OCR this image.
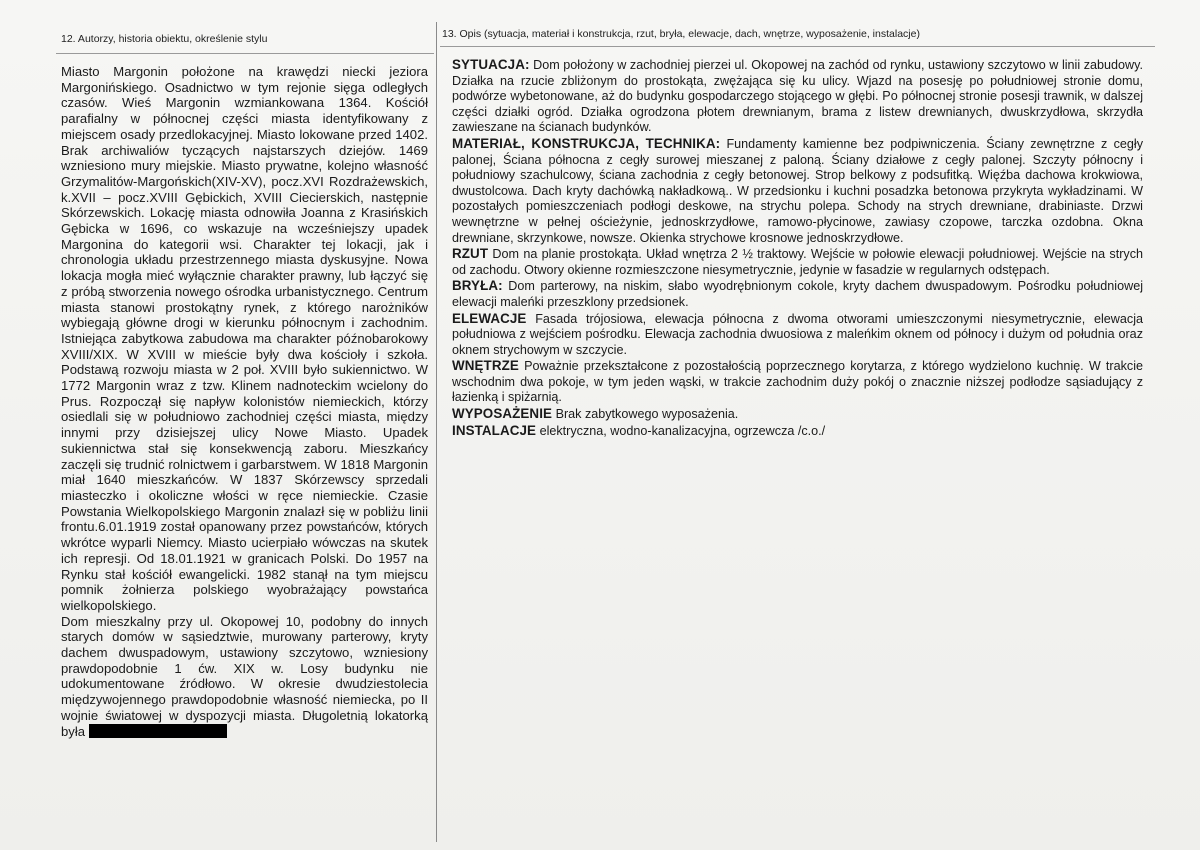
12. Autorzy, historia obiektu, określenie stylu	13. Opis (sytuacja, materiał i konstrukcja, rzut, bryła, elewacje, dach, wnętrze, wyposażenie, instalacje)

Miasto Margonin położone na krawędzi niecki jeziora Margonińskiego. Osadnictwo w tym rejonie sięga odległych czasów. Wieś Margonin wzmiankowana 1364. Kościół parafialny w północnej części miasta identyfikowany z miejscem osady przedlokacyjnej. Miasto lokowane przed 1402. Brak archiwaliów tyczących najstarszych dziejów. 1469 wzniesiono mury miejskie. Miasto prywatne, kolejno własność Grzymalitów-Margońskich(XIV-XV), pocz.XVI Rozdrażewskich, k.XVII – pocz.XVIII Gębickich, XVIII Ciecierskich, następnie Skórzewskich. Lokację miasta odnowiła Joanna z Krasińskich Gębicka w 1696, co wskazuje na wcześniejszy upadek Margonina do kategorii wsi. Charakter tej lokacji, jak i chronologia układu przestrzennego miasta dyskusyjne. Nowa lokacja mogła mieć wyłącznie charakter prawny, lub łączyć się z próbą stworzenia nowego ośrodka urbanistycznego. Centrum miasta stanowi prostokątny rynek, z którego narożników wybiegają główne drogi w kierunku północnym i zachodnim. Istniejąca zabytkowa zabudowa ma charakter późnobarokowy XVIII/XIX. W XVIII w mieście były dwa kościoły i szkoła. Podstawą rozwoju miasta w 2 poł. XVIII było sukiennictwo. W 1772 Margonin wraz z tzw. Klinem nadnoteckim wcielony do Prus. Rozpoczął się napływ kolonistów niemieckich, którzy osiedlali się w południowo zachodniej części miasta, między innymi przy dzisiejszej ulicy Nowe Miasto. Upadek sukiennictwa stał się konsekwencją zaboru. Mieszkańcy zaczęli się trudnić rolnictwem i garbarstwem. W 1818 Margonin miał 1640 mieszkańców. W 1837 Skórzewscy sprzedali miasteczko i okoliczne włości w ręce niemieckie. Czasie Powstania Wielkopolskiego Margonin znalazł się w pobliżu linii frontu.6.01.1919 został opanowany przez powstańców, których wkrótce wyparli Niemcy. Miasto ucierpiało wówczas na skutek ich represji. Od 18.01.1921 w granicach Polski. Do 1957 na Rynku stał kościół ewangelicki. 1982 stanął na tym miejscu pomnik żołnierza polskiego wyobrażający powstańca wielkopolskiego.

Dom mieszkalny przy ul. Okopowej 10, podobny do innych starych domów w sąsiedztwie, murowany parterowy, kryty dachem dwuspadowym, ustawiony szczytowo, wzniesiony prawdopodobnie 1 ćw. XIX w. Losy budynku nie udokumentowane źródłowo. W okresie dwudziestolecia międzywojennego prawdopodobnie własność niemiecka, po II wojnie światowej w dyspozycji miasta. Długoletnią lokatorką była

SYTUACJA: Dom położony w zachodniej pierzei ul. Okopowej na zachód od rynku, ustawiony szczytowo w linii zabudowy. Działka na rzucie zbliżonym do prostokąta, zwężająca się ku ulicy. Wjazd na posesję po południowej stronie domu, podwórze wybetonowane, aż do budynku gospodarczego stojącego w głębi. Po północnej stronie posesji trawnik, w dalszej części działki ogród. Działka ogrodzona płotem drewnianym, brama z listew drewnianych, dwuskrzydłowa, skrzydła zawieszane na ścianach budynków.

MATERIAŁ, KONSTRUKCJA, TECHNIKA: Fundamenty kamienne bez podpiwniczenia. Ściany zewnętrzne z cegły palonej, Ściana północna z cegły surowej mieszanej z paloną. Ściany działowe z cegły palonej. Szczyty północny i południowy szachulcowy, ściana zachodnia z cegły betonowej. Strop belkowy z podsufitką. Więźba dachowa krokwiowa, dwustolcowa. Dach kryty dachówką nakładkową.. W przedsionku i kuchni posadzka betonowa przykryta wykładzinami. W pozostałych pomieszczeniach podłogi deskowe, na strychu polepa. Schody na strych drewniane, drabiniaste. Drzwi wewnętrzne w pełnej ościeżynie, jednoskrzydłowe, ramowo-płycinowe, zawiasy czopowe, tarczka ozdobna. Okna drewniane, skrzynkowe, nowsze. Okienka strychowe krosnowe jednoskrzydłowe.

RZUT Dom na planie prostokąta. Układ wnętrza 2 ½ traktowy. Wejście w połowie elewacji południowej. Wejście na strych od zachodu. Otwory okienne rozmieszczone niesymetrycznie, jedynie w fasadzie w regularnych odstępach.

BRYŁA: Dom parterowy, na niskim, słabo wyodrębnionym cokole, kryty dachem dwuspadowym. Pośrodku południowej elewacji maleńki przeszklony przedsionek.

ELEWACJE Fasada trójosiowa, elewacja północna z dwoma otworami umieszczonymi niesymetrycznie, elewacja południowa z wejściem pośrodku. Elewacja zachodnia dwuosiowa z maleńkim oknem od północy i dużym od południa oraz oknem strychowym w szczycie.

WNĘTRZE Poważnie przekształcone z pozostałością poprzecznego korytarza, z którego wydzielono kuchnię. W trakcie wschodnim dwa pokoje, w tym jeden wąski, w trakcie zachodnim duży pokój o znacznie niższej podłodze sąsiadujący z łazienką i spiżarnią.

WYPOSAŻENIE Brak zabytkowego wyposażenia.

INSTALACJE elektryczna, wodno-kanalizacyjna, ogrzewcza /c.o./
